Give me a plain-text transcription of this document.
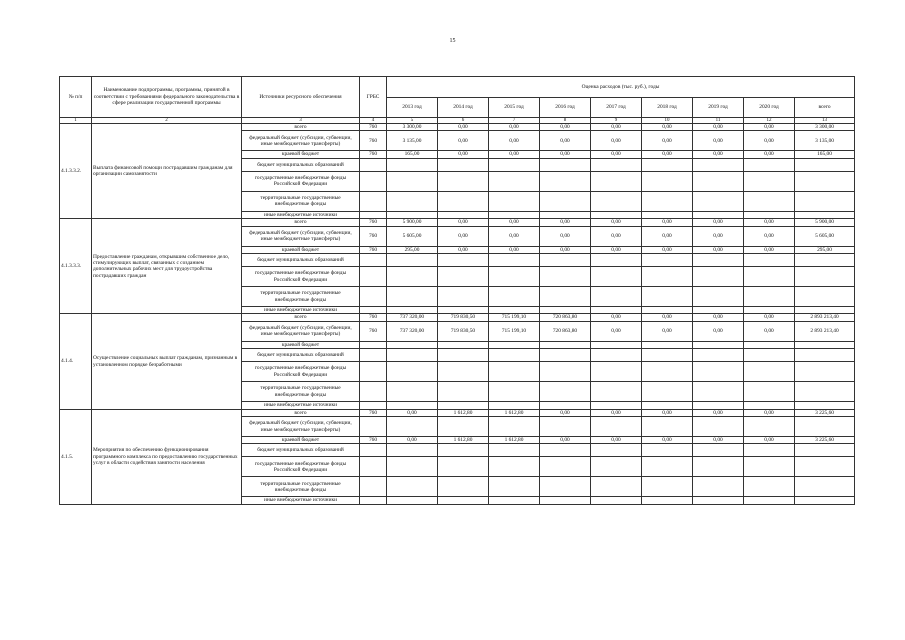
15
№ п/п	Наименование подпрограммы, программы, принятой в соответствии с требованиями федерального законодательства в сфере реализации государственной программы	Источники ресурсного обеспечения	ГРБС	Оценка расходов (тыс. руб.), годы								
				2013 год	2014 год	2015 год	2016 год	2017 год	2018 год	2019 год	2020 год	всего
1	2	3	4	5	6	7	8	9	10	11	12	13
4.1.3.3.2.	Выплата финансовой помощи пострадавшим гражданам для организации самозанятости	всего	760	3 300,00	0,00	0,00	0,00	0,00	0,00	0,00	0,00	3 300,00
		федеральный бюджет (субсидии, субвенции, иные межбюджетные трансферты)	760	3 135,00	0,00	0,00	0,00	0,00	0,00	0,00	0,00	3 135,00
		краевой бюджет	760	165,00	0,00	0,00	0,00	0,00	0,00	0,00	0,00	165,00
		бюджет муниципальных образований										
		государственные внебюджетные фонды Российской Федерации										
		территориальные государственные внебюджетные фонды										
		иные внебюджетные источники										
4.1.3.3.3.	Предоставление гражданам, открывшим собственное дело, стимулирующих выплат, связанных с созданием дополнительных рабочих мест для трудоустройства пострадавших граждан	всего	760	5 900,00	0,00	0,00	0,00	0,00	0,00	0,00	0,00	5 900,00
		федеральный бюджет (субсидии, субвенции, иные межбюджетные трансферты)	760	5 605,00	0,00	0,00	0,00	0,00	0,00	0,00	0,00	5 605,00
		краевой бюджет	760	295,00	0,00	0,00	0,00	0,00	0,00	0,00	0,00	295,00
		бюджет муниципальных образований										
		государственные внебюджетные фонды Российской Федерации										
		территориальные государственные внебюджетные фонды										
		иные внебюджетные источники										
4.1.4.	Осуществление социальных выплат гражданам, признанным в установленном порядке безработными	всего	760	737 320,00	719 830,50	715 199,10	720 863,80	0,00	0,00	0,00	0,00	2 893 213,40
		федеральный бюджет (субсидии, субвенции, иные межбюджетные трансферты)	760	737 320,00	719 830,50	715 199,10	720 863,80	0,00	0,00	0,00	0,00	2 893 213,40
		краевой бюджет										
		бюджет муниципальных образований										
		государственные внебюджетные фонды Российской Федерации										
		территориальные государственные внебюджетные фонды										
		иные внебюджетные источники										
4.1.5.	Мероприятия по обеспечению функционирования программного комплекса по предоставлению государственных услуг в области содействия занятости населения	всего	760	0,00	1 612,80	1 612,80	0,00	0,00	0,00	0,00	0,00	3 225,60
		федеральный бюджет (субсидии, субвенции, иные межбюджетные трансферты)										
		краевой бюджет	760	0,00	1 612,80	1 612,80	0,00	0,00	0,00	0,00	0,00	3 225,60
		бюджет муниципальных образований										
		государственные внебюджетные фонды Российской Федерации										
		территориальные государственные внебюджетные фонды										
		иные внебюджетные источники										
